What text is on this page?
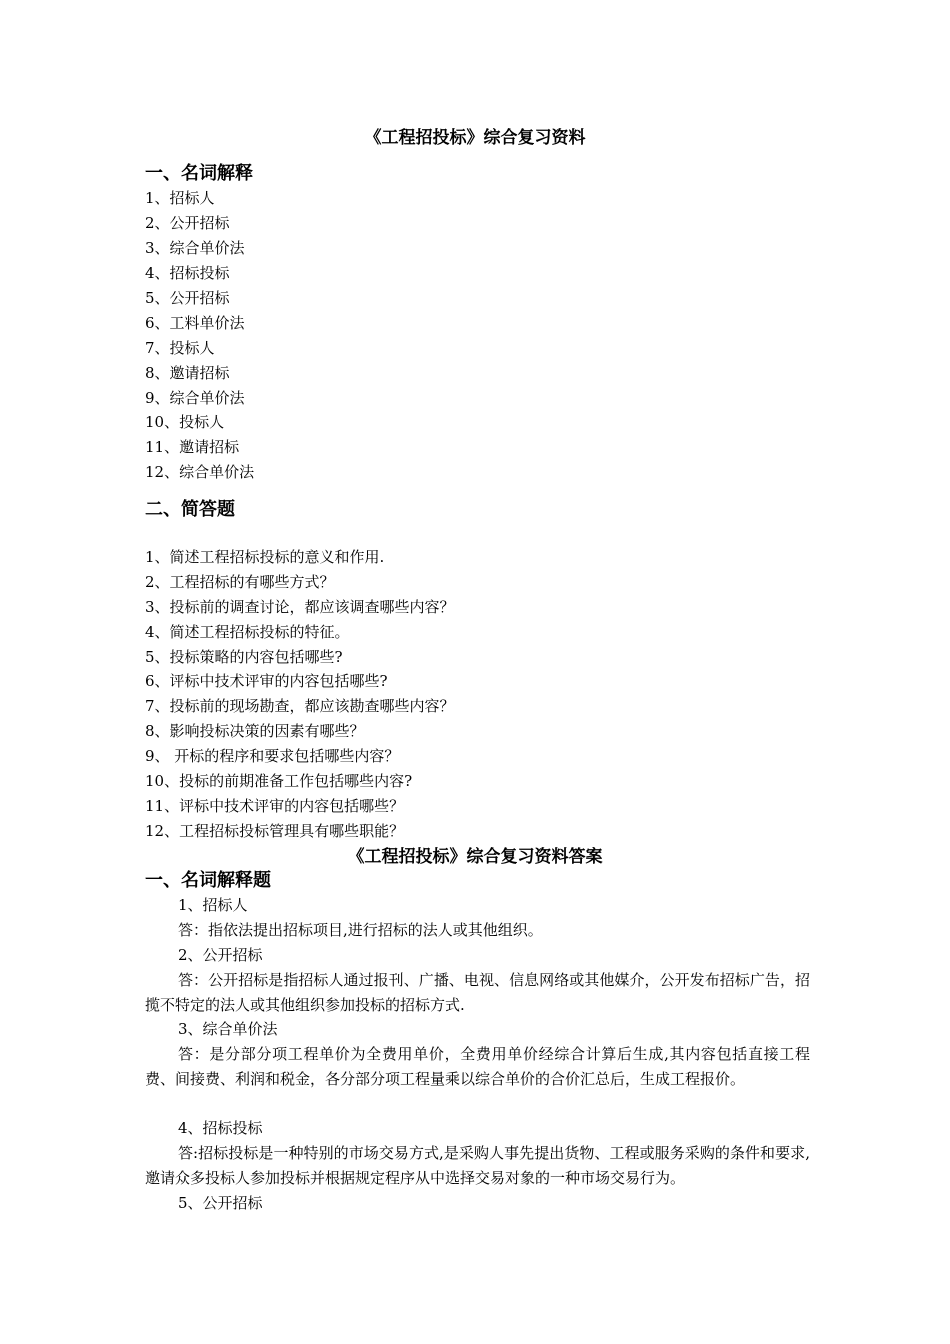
《工程招投标》综合复习资料
一、名词解释
1、招标人
2、公开招标
3、综合单价法
4、招标投标
5、公开招标
6、工料单价法
7、投标人
8、邀请招标
9、综合单价法
10、投标人
11、邀请招标
12、综合单价法
二、简答题
1、简述工程招标投标的意义和作用.
2、工程招标的有哪些方式？
3、投标前的调查讨论，都应该调查哪些内容？
4、简述工程招标投标的特征。
5、投标策略的内容包括哪些?
6、评标中技术评审的内容包括哪些?
7、投标前的现场勘查，都应该勘查哪些内容？
8、影响投标决策的因素有哪些？
9、 开标的程序和要求包括哪些内容？
10、投标的前期准备工作包括哪些内容?
11、评标中技术评审的内容包括哪些？
12、工程招标投标管理具有哪些职能？
《工程招投标》综合复习资料答案
一、名词解释题
1、招标人
答：指依法提出招标项目,进行招标的法人或其他组织。
2、公开招标
答：公开招标是指招标人通过报刊、广播、电视、信息网络或其他媒介，公开发布招标广告，招揽不特定的法人或其他组织参加投标的招标方式.
3、综合单价法
答：是分部分项工程单价为全费用单价，全费用单价经综合计算后生成,其内容包括直接工程费、间接费、利润和税金，各分部分项工程量乘以综合单价的合价汇总后，生成工程报价。
4、招标投标
答:招标投标是一种特别的市场交易方式,是采购人事先提出货物、工程或服务采购的条件和要求,邀请众多投标人参加投标并根据规定程序从中选择交易对象的一种市场交易行为。
5、公开招标
